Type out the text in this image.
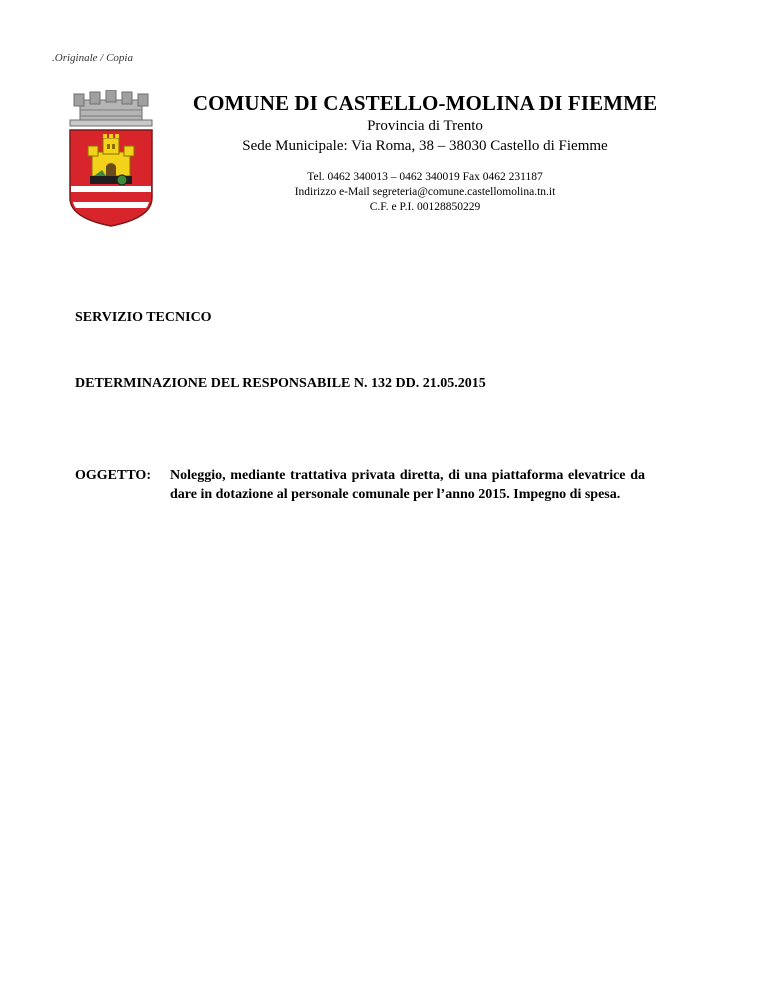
.Originale / Copia
COMUNE DI CASTELLO-MOLINA DI FIEMME
Provincia di Trento
Sede Municipale: Via Roma, 38 – 38030 Castello di Fiemme
Tel. 0462 340013 – 0462 340019 Fax 0462 231187
Indirizzo e-Mail segreteria@comune.castellomolina.tn.it
C.F. e P.I. 00128850229
SERVIZIO TECNICO
DETERMINAZIONE DEL RESPONSABILE N. 132 DD. 21.05.2015
OGGETTO:	Noleggio, mediante trattativa privata diretta, di una piattaforma elevatrice da dare in dotazione al personale comunale per l’anno 2015. Impegno di spesa.
